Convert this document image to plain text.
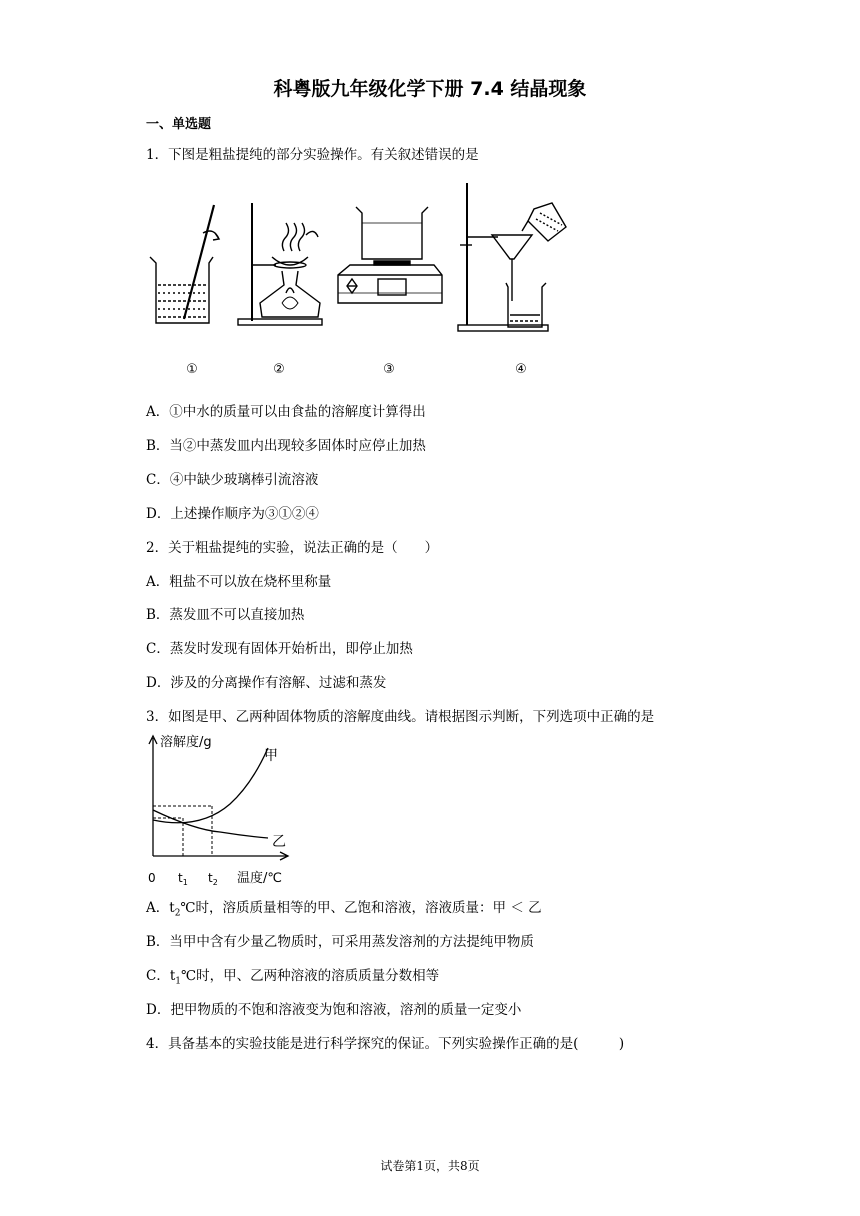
科粤版九年级化学下册 7.4 结晶现象
一、单选题
1．下图是粗盐提纯的部分实验操作。有关叙述错误的是
①	②	③	④
A．①中水的质量可以由食盐的溶解度计算得出
B．当②中蒸发皿内出现较多固体时应停止加热
C．④中缺少玻璃棒引流溶液
D．上述操作顺序为③①②④
2．关于粗盐提纯的实验，说法正确的是（　　）
A．粗盐不可以放在烧杯里称量
B．蒸发皿不可以直接加热
C．蒸发时发现有固体开始析出，即停止加热
D．涉及的分离操作有溶解、过滤和蒸发
3．如图是甲、乙两种固体物质的溶解度曲线。请根据图示判断，下列选项中正确的是
溶解度/g
甲
乙
0 $t_1$ $t_2$ 温度/℃
A．$t_2℃$时，溶质质量相等的甲、乙饱和溶液，溶液质量：甲 ＜ 乙
B．当甲中含有少量乙物质时，可采用蒸发溶剂的方法提纯甲物质
C．$t_1℃$时，甲、乙两种溶液的溶质质量分数相等
D．把甲物质的不饱和溶液变为饱和溶液，溶剂的质量一定变小
4．具备基本的实验技能是进行科学探究的保证。下列实验操作正确的是(　　　)
试卷第1页，共8页
